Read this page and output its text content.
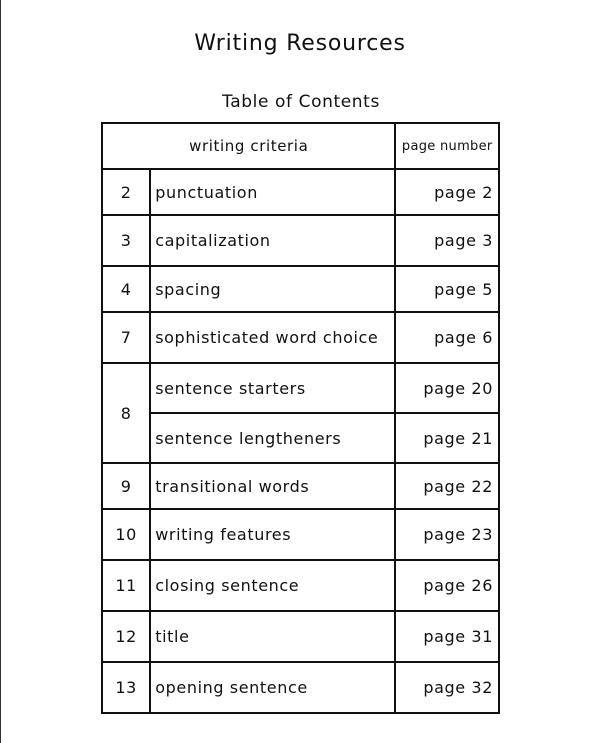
Writing Resources
Table of Contents
writing criteria		page number
2	punctuation	page 2
3	capitalization	page 3
4	spacing	page 5
7	sophisticated word choice	page 6
8	sentence starters	page 20
	sentence lengtheners	page 21
9	transitional words	page 22
10	writing features	page 23
11	closing sentence	page 26
12	title	page 31
13	opening sentence	page 32
